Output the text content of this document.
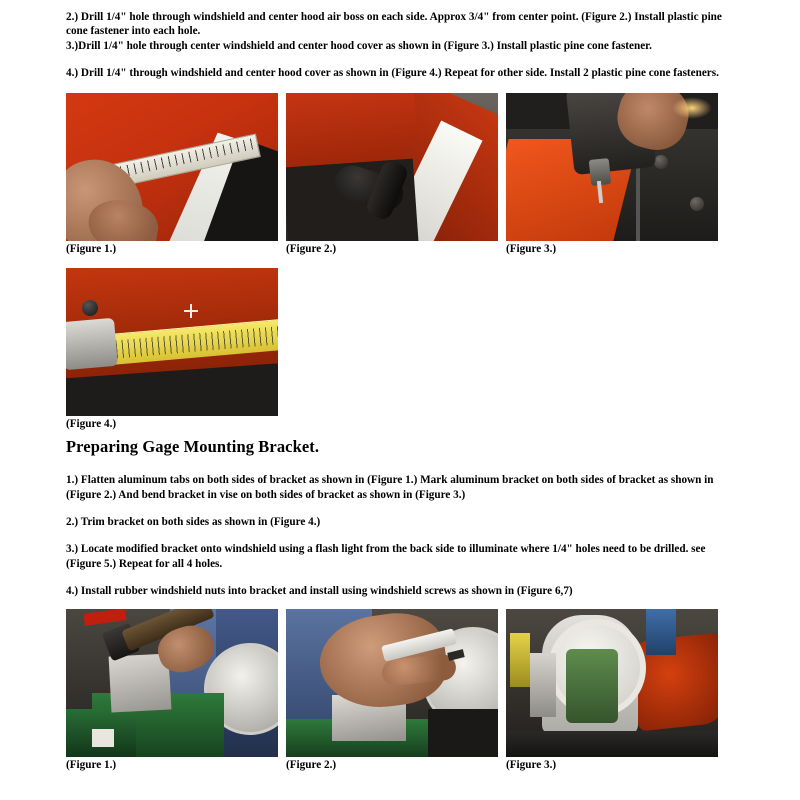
2.) Drill 1/4" hole through windshield and center hood air boss on each side. Approx 3/4" from center point. (Figure 2.) Install plastic pine cone fastener into each hole.

3.)Drill 1/4" hole through center windshield and center hood cover as shown in (Figure 3.) Install plastic pine cone fastener.

4.) Drill 1/4" through windshield and center hood cover as shown in (Figure 4.) Repeat for other side. Install 2 plastic pine cone fasteners.

(Figure 1.)	(Figure 2.)	(Figure 3.)
(Figure 4.)
Preparing Gage Mounting Bracket.

1.) Flatten aluminum tabs on both sides of bracket as shown in (Figure 1.) Mark aluminum bracket on both sides of bracket as shown in (Figure 2.) And bend bracket in vise on both sides of bracket as shown in (Figure 3.)

2.) Trim bracket on both sides as shown in (Figure 4.)

3.) Locate modified bracket onto windshield using a flash light from the back side to illuminate where 1/4" holes need to be drilled. see (Figure 5.) Repeat for all 4 holes.

4.) Install rubber windshield nuts into bracket and install using windshield screws as shown in (Figure 6,7)

(Figure 1.)	(Figure 2.)	(Figure 3.)
